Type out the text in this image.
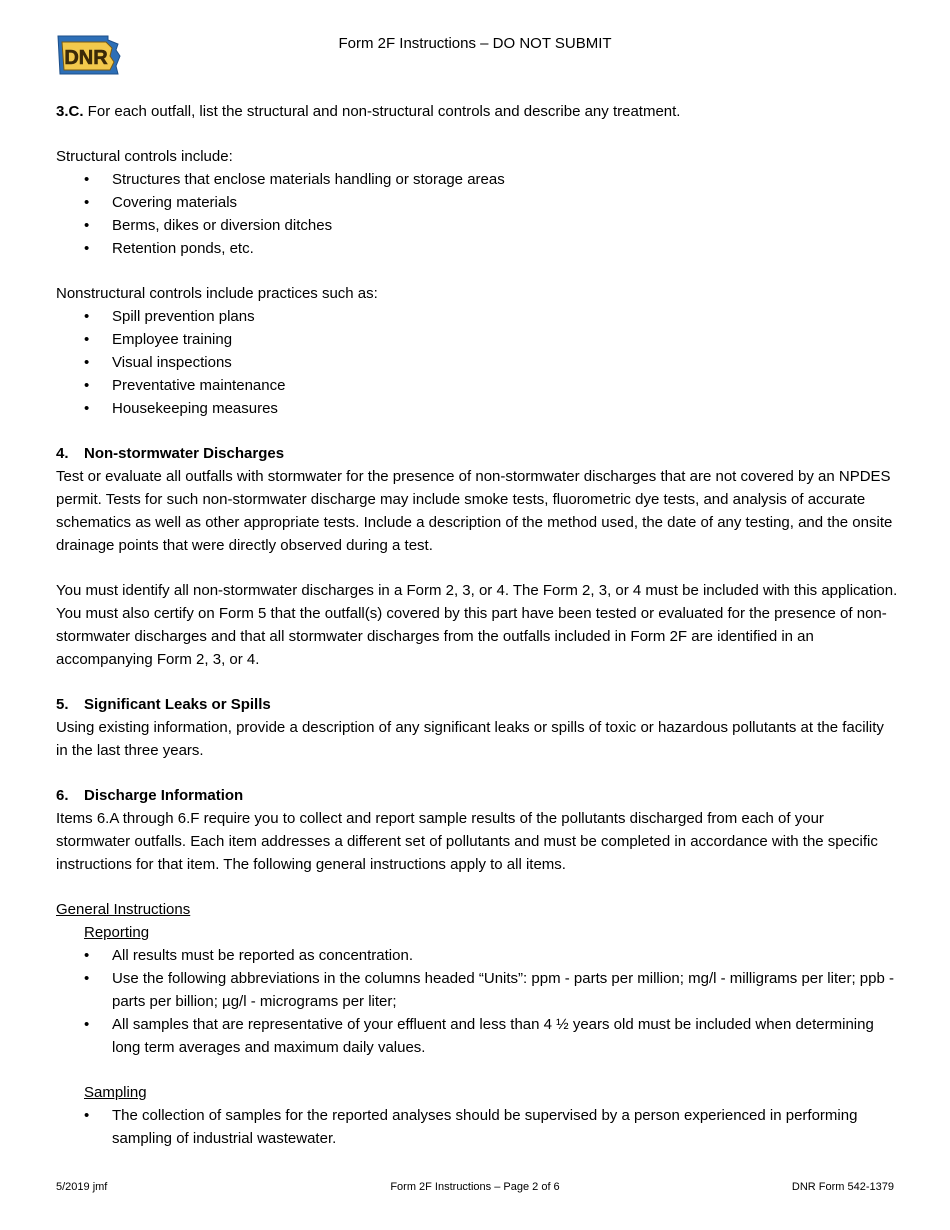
DNR
Form 2F Instructions – DO NOT SUBMIT

3.C. For each outfall, list the structural and non-structural controls and describe any treatment.

Structural controls include:

• Structures that enclose materials handling or storage areas
• Covering materials
• Berms, dikes or diversion ditches
• Retention ponds, etc.

Nonstructural controls include practices such as:

• Spill prevention plans
• Employee training
• Visual inspections
• Preventative maintenance
• Housekeeping measures

4. Non-stormwater Discharges

Test or evaluate all outfalls with stormwater for the presence of non-stormwater discharges that are not covered by an NPDES permit. Tests for such non-stormwater discharge may include smoke tests, fluorometric dye tests, and analysis of accurate schematics as well as other appropriate tests. Include a description of the method used, the date of any testing, and the onsite drainage points that were directly observed during a test.

You must identify all non-stormwater discharges in a Form 2, 3, or 4. The Form 2, 3, or 4 must be included with this application. You must also certify on Form 5 that the outfall(s) covered by this part have been tested or evaluated for the presence of non-stormwater discharges and that all stormwater discharges from the outfalls included in Form 2F are identified in an accompanying Form 2, 3, or 4.

5. Significant Leaks or Spills

Using existing information, provide a description of any significant leaks or spills of toxic or hazardous pollutants at the facility in the last three years.

6. Discharge Information

Items 6.A through 6.F require you to collect and report sample results of the pollutants discharged from each of your stormwater outfalls. Each item addresses a different set of pollutants and must be completed in accordance with the specific instructions for that item. The following general instructions apply to all items.

General Instructions

Reporting

• All results must be reported as concentration.
• Use the following abbreviations in the columns headed “Units”: ppm - parts per million; mg/l - milligrams per liter; ppb - parts per billion; µg/l - micrograms per liter;
• All samples that are representative of your effluent and less than 4 ½ years old must be included when determining long term averages and maximum daily values.

Sampling

• The collection of samples for the reported analyses should be supervised by a person experienced in performing sampling of industrial wastewater.
5/2019 jmf	Form 2F Instructions – Page 2 of 6	DNR Form 542-1379
